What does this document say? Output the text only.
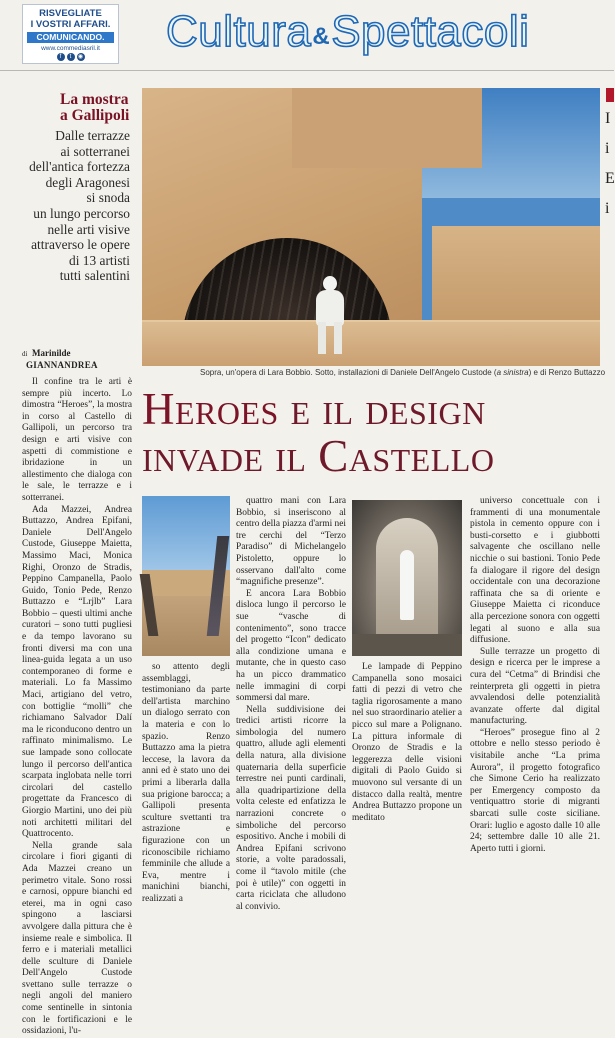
RISVEGLIATE
I VOSTRI AFFARI.
COMUNICANDO.
www.commediasril.it
f	t	◉
Cultura&Spettacoli
La mostra a Gallipoli
Dalle terrazze
ai sotterranei
dell'antica fortezza
degli Aragonesi
si snoda
un lungo percorso
nelle arti visive
attraverso le opere
di 13 artisti
tutti salentini
di Marinilde
GIANNANDREA
Sopra, un'opera di Lara Bobbio. Sotto, installazioni di Daniele Dell'Angelo Custode (a sinistra) e di Renzo Buttazzo
Heroes e il design
invade il Castello

Il confine tra le arti è sempre più incerto. Lo dimostra “Heroes”, la mostra in corso al Castello di Gallipoli, un percorso tra design e arti visive con aspetti di commistione e ibridazione in un allestimento che dialoga con le sale, le terrazze e i sotterranei.

Ada Mazzei, Andrea Buttazzo, Andrea Epifani, Daniele Dell'Angelo Custode, Giuseppe Maietta, Massimo Maci, Monica Righi, Oronzo de Stradis, Peppino Campanella, Paolo Guido, Tonio Pede, Renzo Buttazzo e “Lrjlb” Lara Bobbio – questi ultimi anche curatori – sono tutti pugliesi e da tempo lavorano su fronti diversi ma con una linea-guida legata a un uso contemporaneo di forme e materiali. Lo fa Massimo Maci, artigiano del vetro, con bottiglie “molli” che richiamano Salvador Dalí ma le riconducono dentro un raffinato minimalismo. Le sue lampade sono collocate lungo il percorso dell'antica scarpata inglobata nelle torri circolari del castello progettate da Francesco di Giorgio Martini, uno dei più noti architetti militari del Quattrocento.

Nella grande sala circolare i fiori giganti di Ada Mazzei creano un perimetro vitale. Sono rossi e carnosi, oppure bianchi ed eterei, ma in ogni caso spingono a lasciarsi avvolgere dalla pittura che è insieme reale e simbolica. Il ferro e i materiali metallici delle sculture di Daniele Dell'Angelo Custode svettano sulle terrazze o negli angoli del maniero come sentinelle in sintonia con le fortificazioni e le ossidazioni, l'u-

so attento degli assemblaggi, testimoniano da parte dell'artista marchino un dialogo serrato con la materia e con lo spazio. Renzo Buttazzo ama la pietra leccese, la lavora da anni ed è stato uno dei primi a liberarla dalla sua prigione barocca; a Gallipoli presenta sculture svettanti tra astrazione e figurazione con un riconoscibile richiamo femminile che allude a Eva, mentre i manichini bianchi, realizzati a

quattro mani con Lara Bobbio, si inseriscono al centro della piazza d'armi nei tre cerchi del “Terzo Paradiso” di Michelangelo Pistoletto, oppure lo osservano dall'alto come “magnifiche presenze”.

E ancora Lara Bobbio disloca lungo il percorso le sue “vasche di contenimento”, sono tracce del progetto “Icon” dedicato alla condizione umana e mutante, che in questo caso ha un picco drammatico nelle immagini di corpi sommersi dal mare.

Nella suddivisione dei tredici artisti ricorre la simbologia del numero quattro, allude agli elementi della natura, alla divisione quaternaria della superficie terrestre nei punti cardinali, alla quadripartizione della volta celeste ed enfatizza le narrazioni concrete o simboliche del percorso espositivo. Anche i mobili di Andrea Epifani scrivono storie, a volte paradossali, come il “tavolo mitile (che poi è utile)” con oggetti in carta riciclata che alludono al convivio.

Le lampade di Peppino Campanella sono mosaici fatti di pezzi di vetro che taglia rigorosamente a mano nel suo straordinario atelier a picco sul mare a Polignano. La pittura informale di Oronzo de Stradis e la leggerezza delle visioni digitali di Paolo Guido si muovono sul versante di un distacco dalla realtà, mentre Andrea Buttazzo propone un meditato

universo concettuale con i frammenti di una monumentale pistola in cemento oppure con i busti-corsetto e i giubbotti salvagente che oscillano nelle nicchie o sui bastioni. Tonio Pede fa dialogare il rigore del design occidentale con una decorazione raffinata che sa di oriente e Giuseppe Maietta ci riconduce alla percezione sonora con oggetti legati al suono e alla sua diffusione.

Sulle terrazze un progetto di design e ricerca per le imprese a cura del “Cetma” di Brindisi che reinterpreta gli oggetti in pietra avvalendosi delle potenzialità avanzate offerte dal digital manufacturing.

“Heroes” prosegue fino al 2 ottobre e nello stesso periodo è visitabile anche “La prima Aurora”, il progetto fotografico che Simone Cerio ha realizzato per Emergency composto da ventiquattro storie di migranti sbarcati sulle coste siciliane. Orari: luglio e agosto dalle 10 alle 24; settembre dalle 10 alle 21. Aperto tutti i giorni.

I
i
E
i
